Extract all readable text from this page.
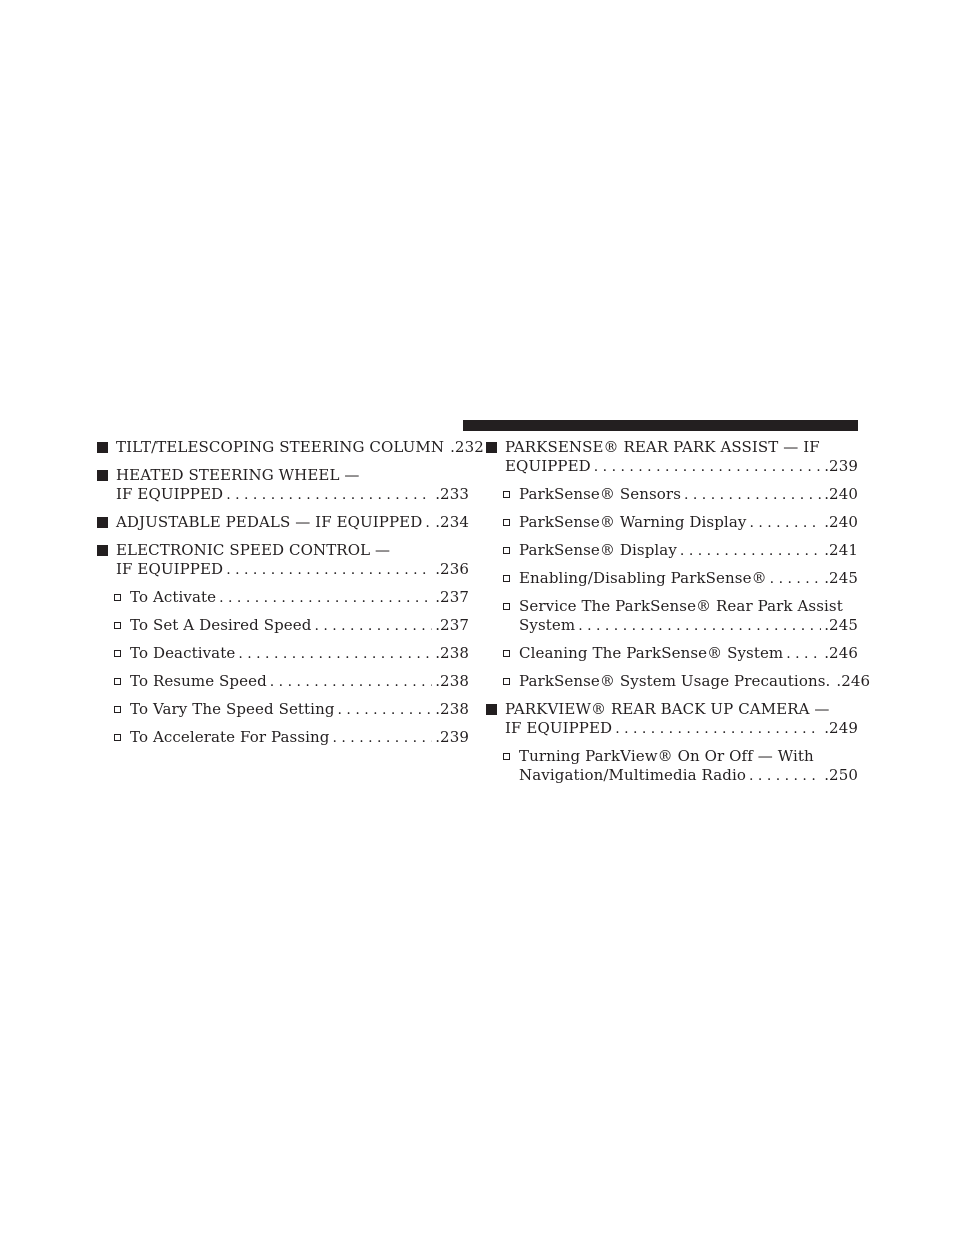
TILT/TELESCOPING STEERING COLUMN .232
HEATED STEERING WHEEL —
IF EQUIPPED . . .	.233
ADJUSTABLE PEDALS — IF EQUIPPED . . . .234
ELECTRONIC SPEED CONTROL —
IF EQUIPPED . . .	.236
To Activate . . .	.237
To Set A Desired Speed . . .	.237
To Deactivate . . .	.238
To Resume Speed . . .	.238
To Vary The Speed Setting . . .	.238
To Accelerate For Passing . . .	.239
PARKSENSE® REAR PARK ASSIST — IF
EQUIPPED . . .	.239
ParkSense® Sensors . . .	.240
ParkSense® Warning Display . . .	.240
ParkSense® Display . . .	.241
Enabling/Disabling ParkSense® . . .	.245
Service The ParkSense® Rear Park Assist
System . . .	.245
Cleaning The ParkSense® System . . .	.246
ParkSense® System Usage Precautions. .246
PARKVIEW® REAR BACK UP CAMERA —
IF EQUIPPED . . .	.249
Turning ParkView® On Or Off — With
Navigation/Multimedia Radio . . .	.250
